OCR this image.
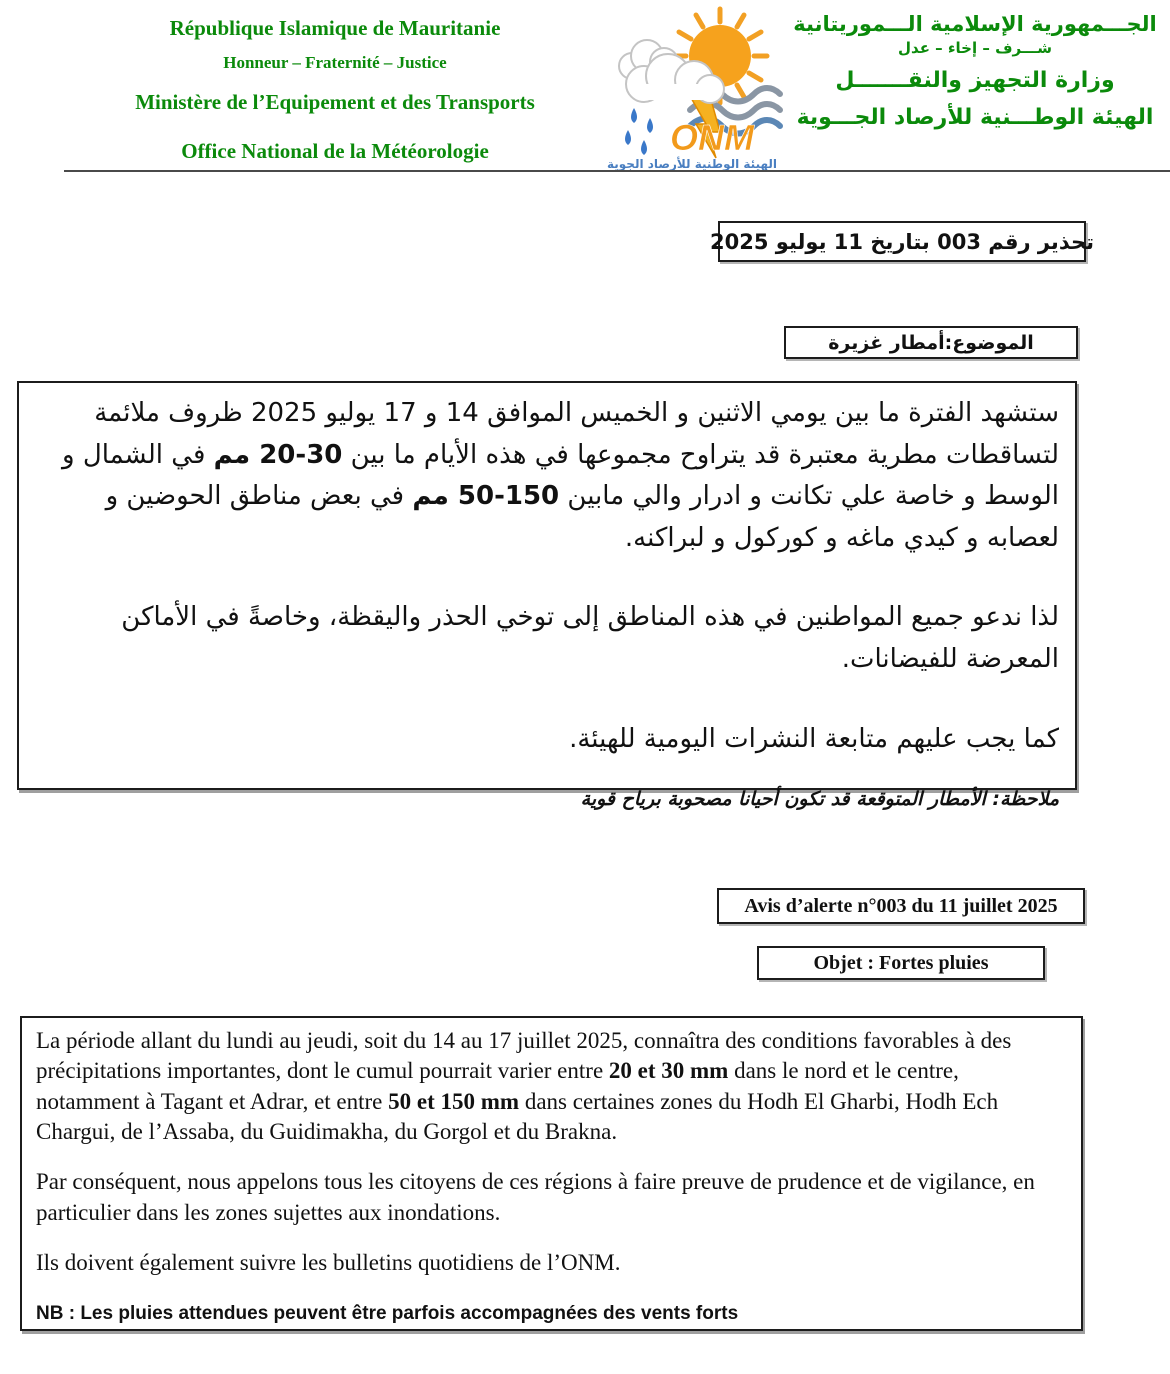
République Islamique de Mauritanie

Honneur – Fraternité – Justice

Ministère de l’Equipement et des Transports

Office National de la Météorologie	ONM
الهيئة الوطنية للأرصاد الجوية

الجـــمهورية الإسلامية الـــموريتانية

شـــرف – إخاء – عدل

وزارة التجهيز والنقـــــــل

الهيئة الوطـــنية للأرصاد الجـــوية

تحذير رقم 003 بتاريخ 11 يوليو 2025
الموضوع:أمطار غزيرة

ستشهد الفترة ما بين يومي الاثنين و الخميس الموافق 14 و 17 يوليو 2025 ظروف ملائمة لتساقطات مطرية معتبرة قد يتراوح مجموعها في هذه الأيام ما بين 30-20 مم في الشمال و الوسط و خاصة علي تكانت و ادرار والي مابين 150-50 مم في بعض مناطق الحوضين و لعصابه و كيدي ماغه و كوركول و لبراكنه.

لذا ندعو جميع المواطنين في هذه المناطق إلى توخي الحذر واليقظة، وخاصةً في الأماكن المعرضة للفيضانات.

كما يجب عليهم متابعة النشرات اليومية للهيئة.

ملاحظة: الأمطار المتوقعة قد تكون أحيانا مصحوبة برياح قوية

Avis d’alerte n°003 du 11 juillet 2025
Objet : Fortes pluies

La période allant du lundi au jeudi, soit du 14 au 17 juillet 2025, connaîtra des conditions favorables à des précipitations importantes, dont le cumul pourrait varier entre 20 et 30 mm dans le nord et le centre, notamment à Tagant et Adrar, et entre 50 et 150 mm dans certaines zones du Hodh El Gharbi, Hodh Ech Chargui, de l’Assaba, du Guidimakha, du Gorgol et du Brakna.

Par conséquent, nous appelons tous les citoyens de ces régions à faire preuve de prudence et de vigilance, en particulier dans les zones sujettes aux inondations.

Ils doivent également suivre les bulletins quotidiens de l’ONM.

NB : Les pluies attendues peuvent être parfois accompagnées des vents forts
